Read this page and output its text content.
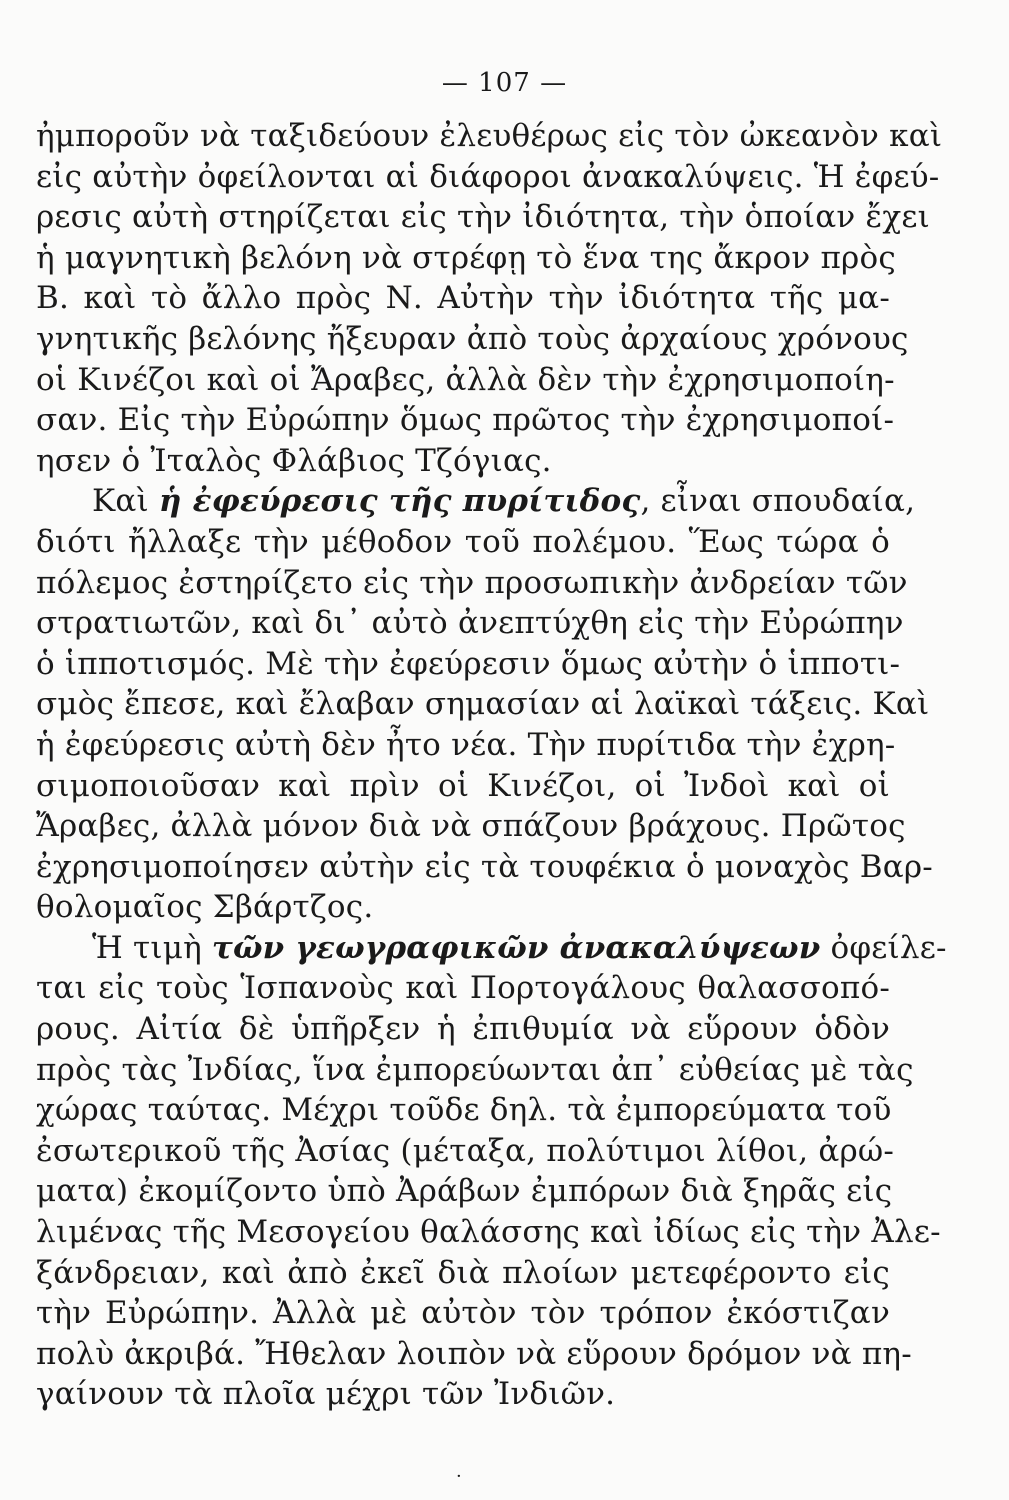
— 107 —
ἠμποροῦν νὰ ταξιδεύουν ἐλευθέρως εἰς τὸν ὠκεανὸν καὶ
εἰς αὐτὴν ὀφείλονται αἱ διάφοροι ἀνακαλύψεις. Ἡ ἐφεύ-
ρεσις αὐτὴ στηρίζεται εἰς τὴν ἰδιότητα, τὴν ὁποίαν ἔχει
ἡ μαγνητικὴ βελόνη νὰ στρέφῃ τὸ ἕνα της ἄκρον πρὸς
Β. καὶ τὸ ἄλλο πρὸς Ν. Αὐτὴν τὴν ἰδιότητα τῆς μα-
γνητικῆς βελόνης ἤξευραν ἀπὸ τοὺς ἀρχαίους χρόνους
οἱ Κινέζοι καὶ οἱ Ἄραβες, ἀλλὰ δὲν τὴν ἐχρησιμοποίη-
σαν. Εἰς τὴν Εὐρώπην ὅμως πρῶτος τὴν ἐχρησιμοποί-
ησεν ὁ Ἰταλὸς Φλάβιος Τζόγιας.
Καὶ ἡ ἐφεύρεσις τῆς πυρίτιδος, εἶναι σπουδαία,
διότι ἤλλαξε τὴν μέθοδον τοῦ πολέμου. Ἕως τώρα ὁ
πόλεμος ἐστηρίζετο εἰς τὴν προσωπικὴν ἀνδρείαν τῶν
στρατιωτῶν, καὶ δι᾽ αὐτὸ ἀνεπτύχθη εἰς τὴν Εὐρώπην
ὁ ἱπποτισμός. Μὲ τὴν ἐφεύρεσιν ὅμως αὐτὴν ὁ ἱπποτι-
σμὸς ἔπεσε, καὶ ἔλαβαν σημασίαν αἱ λαϊκαὶ τάξεις. Καὶ
ἡ ἐφεύρεσις αὐτὴ δὲν ἦτο νέα. Τὴν πυρίτιδα τὴν ἐχρη-
σιμοποιοῦσαν καὶ πρὶν οἱ Κινέζοι, οἱ Ἰνδοὶ καὶ οἱ
Ἄραβες, ἀλλὰ μόνον διὰ νὰ σπάζουν βράχους. Πρῶτος
ἐχρησιμοποίησεν αὐτὴν εἰς τὰ τουφέκια ὁ μοναχὸς Βαρ-
θολομαῖος Σβάρτζος.
Ἡ τιμὴ τῶν γεωγραφικῶν ἀνακαλύψεων ὀφείλε-
ται εἰς τοὺς Ἱσπανοὺς καὶ Πορτογάλους θαλασσοπό-
ρους. Αἰτία δὲ ὑπῆρξεν ἡ ἐπιθυμία νὰ εὕρουν ὁδὸν
πρὸς τὰς Ἰνδίας, ἵνα ἐμπορεύωνται ἀπ᾽ εὐθείας μὲ τὰς
χώρας ταύτας. Μέχρι τοῦδε δηλ. τὰ ἐμπορεύματα τοῦ
ἐσωτερικοῦ τῆς Ἀσίας (μέταξα, πολύτιμοι λίθοι, ἀρώ-
ματα) ἐκομίζοντο ὑπὸ Ἀράβων ἐμπόρων διὰ ξηρᾶς εἰς
λιμένας τῆς Μεσογείου θαλάσσης καὶ ἰδίως εἰς τὴν Ἀλε-
ξάνδρειαν, καὶ ἀπὸ ἐκεῖ διὰ πλοίων μετεφέροντο εἰς
τὴν Εὐρώπην. Ἀλλὰ μὲ αὐτὸν τὸν τρόπον ἐκόστιζαν
πολὺ ἀκριβά. Ἤθελαν λοιπὸν νὰ εὕρουν δρόμον νὰ πη-
γαίνουν τὰ πλοῖα μέχρι τῶν Ἰνδιῶν.
·
